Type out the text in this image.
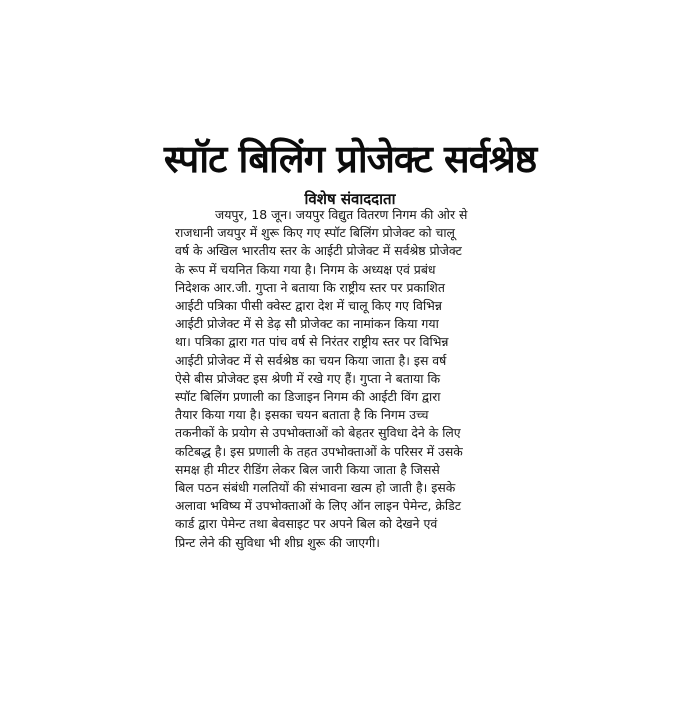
स्पॉट बिलिंग प्रोजेक्ट सर्वश्रेष्ठ
विशेष संवाददाता
जयपुर, 18 जून। जयपुर विद्युत वितरण निगम की ओर से
राजधानी जयपुर में शुरू किए गए स्पॉट बिलिंग प्रोजेक्ट को चालू
वर्ष के अखिल भारतीय स्तर के आईटी प्रोजेक्ट में सर्वश्रेष्ठ प्रोजेक्ट
के रूप में चयनित किया गया है। निगम के अध्यक्ष एवं प्रबंध
निदेशक आर.जी. गुप्ता ने बताया कि राष्ट्रीय स्तर पर प्रकाशित
आईटी पत्रिका पीसी क्वेस्ट द्वारा देश में चालू किए गए विभिन्न
आईटी प्रोजेक्ट में से डेढ़ सौ प्रोजेक्ट का नामांकन किया गया
था। पत्रिका द्वारा गत पांच वर्ष से निरंतर राष्ट्रीय स्तर पर विभिन्न
आईटी प्रोजेक्ट में से सर्वश्रेष्ठ का चयन किया जाता है। इस वर्ष
ऐसे बीस प्रोजेक्ट इस श्रेणी में रखे गए हैं। गुप्ता ने बताया कि
स्पॉट बिलिंग प्रणाली का डिजाइन निगम की आईटी विंग द्वारा
तैयार किया गया है। इसका चयन बताता है कि निगम उच्च
तकनीकों के प्रयोग से उपभोक्ताओं को बेहतर सुविधा देने के लिए
कटिबद्ध है। इस प्रणाली के तहत उपभोक्ताओं के परिसर में उसके
समक्ष ही मीटर रीडिंग लेकर बिल जारी किया जाता है जिससे
बिल पठन संबंधी गलतियों की संभावना खत्म हो जाती है। इसके
अलावा भविष्य में उपभोक्ताओं के लिए ऑन लाइन पेमेन्ट, क्रेडिट
कार्ड द्वारा पेमेन्ट तथा बेवसाइट पर अपने बिल को देखने एवं
प्रिन्ट लेने की सुविधा भी शीघ्र शुरू की जाएगी।
